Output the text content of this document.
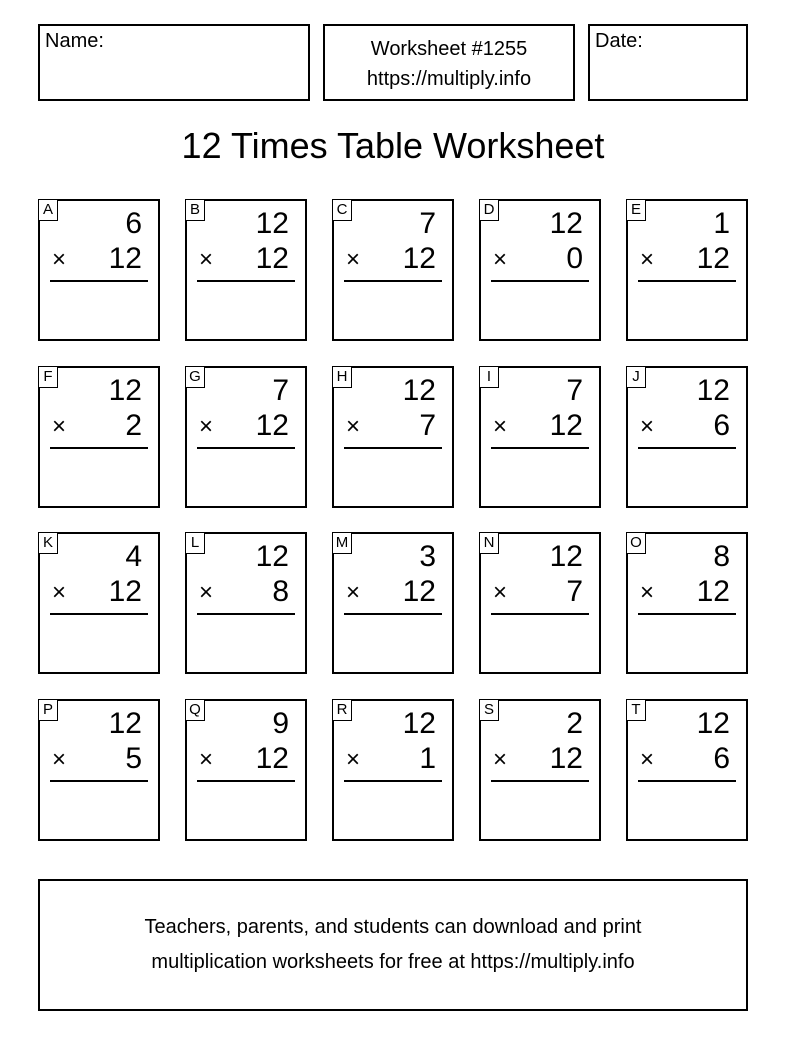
Name:	Worksheet #1255
https://multiply.info
Date:
12 Times Table Worksheet
A 6
× 12
B 12
× 12
C 7
× 12
D 12
× 0
E 1
× 12
F 12
× 2
G 7
× 12
H 12
× 7
I	7
× 12
J 12
× 6
K 4
× 12
L 12
× 8
M 3
× 12
N 12
× 7
O 8
× 12
P 12
× 5
Q 9
× 12
R 12
× 1
S 2
× 12
T 12
× 6
Teachers, parents, and students can download and print
multiplication worksheets for free at https://multiply.info
